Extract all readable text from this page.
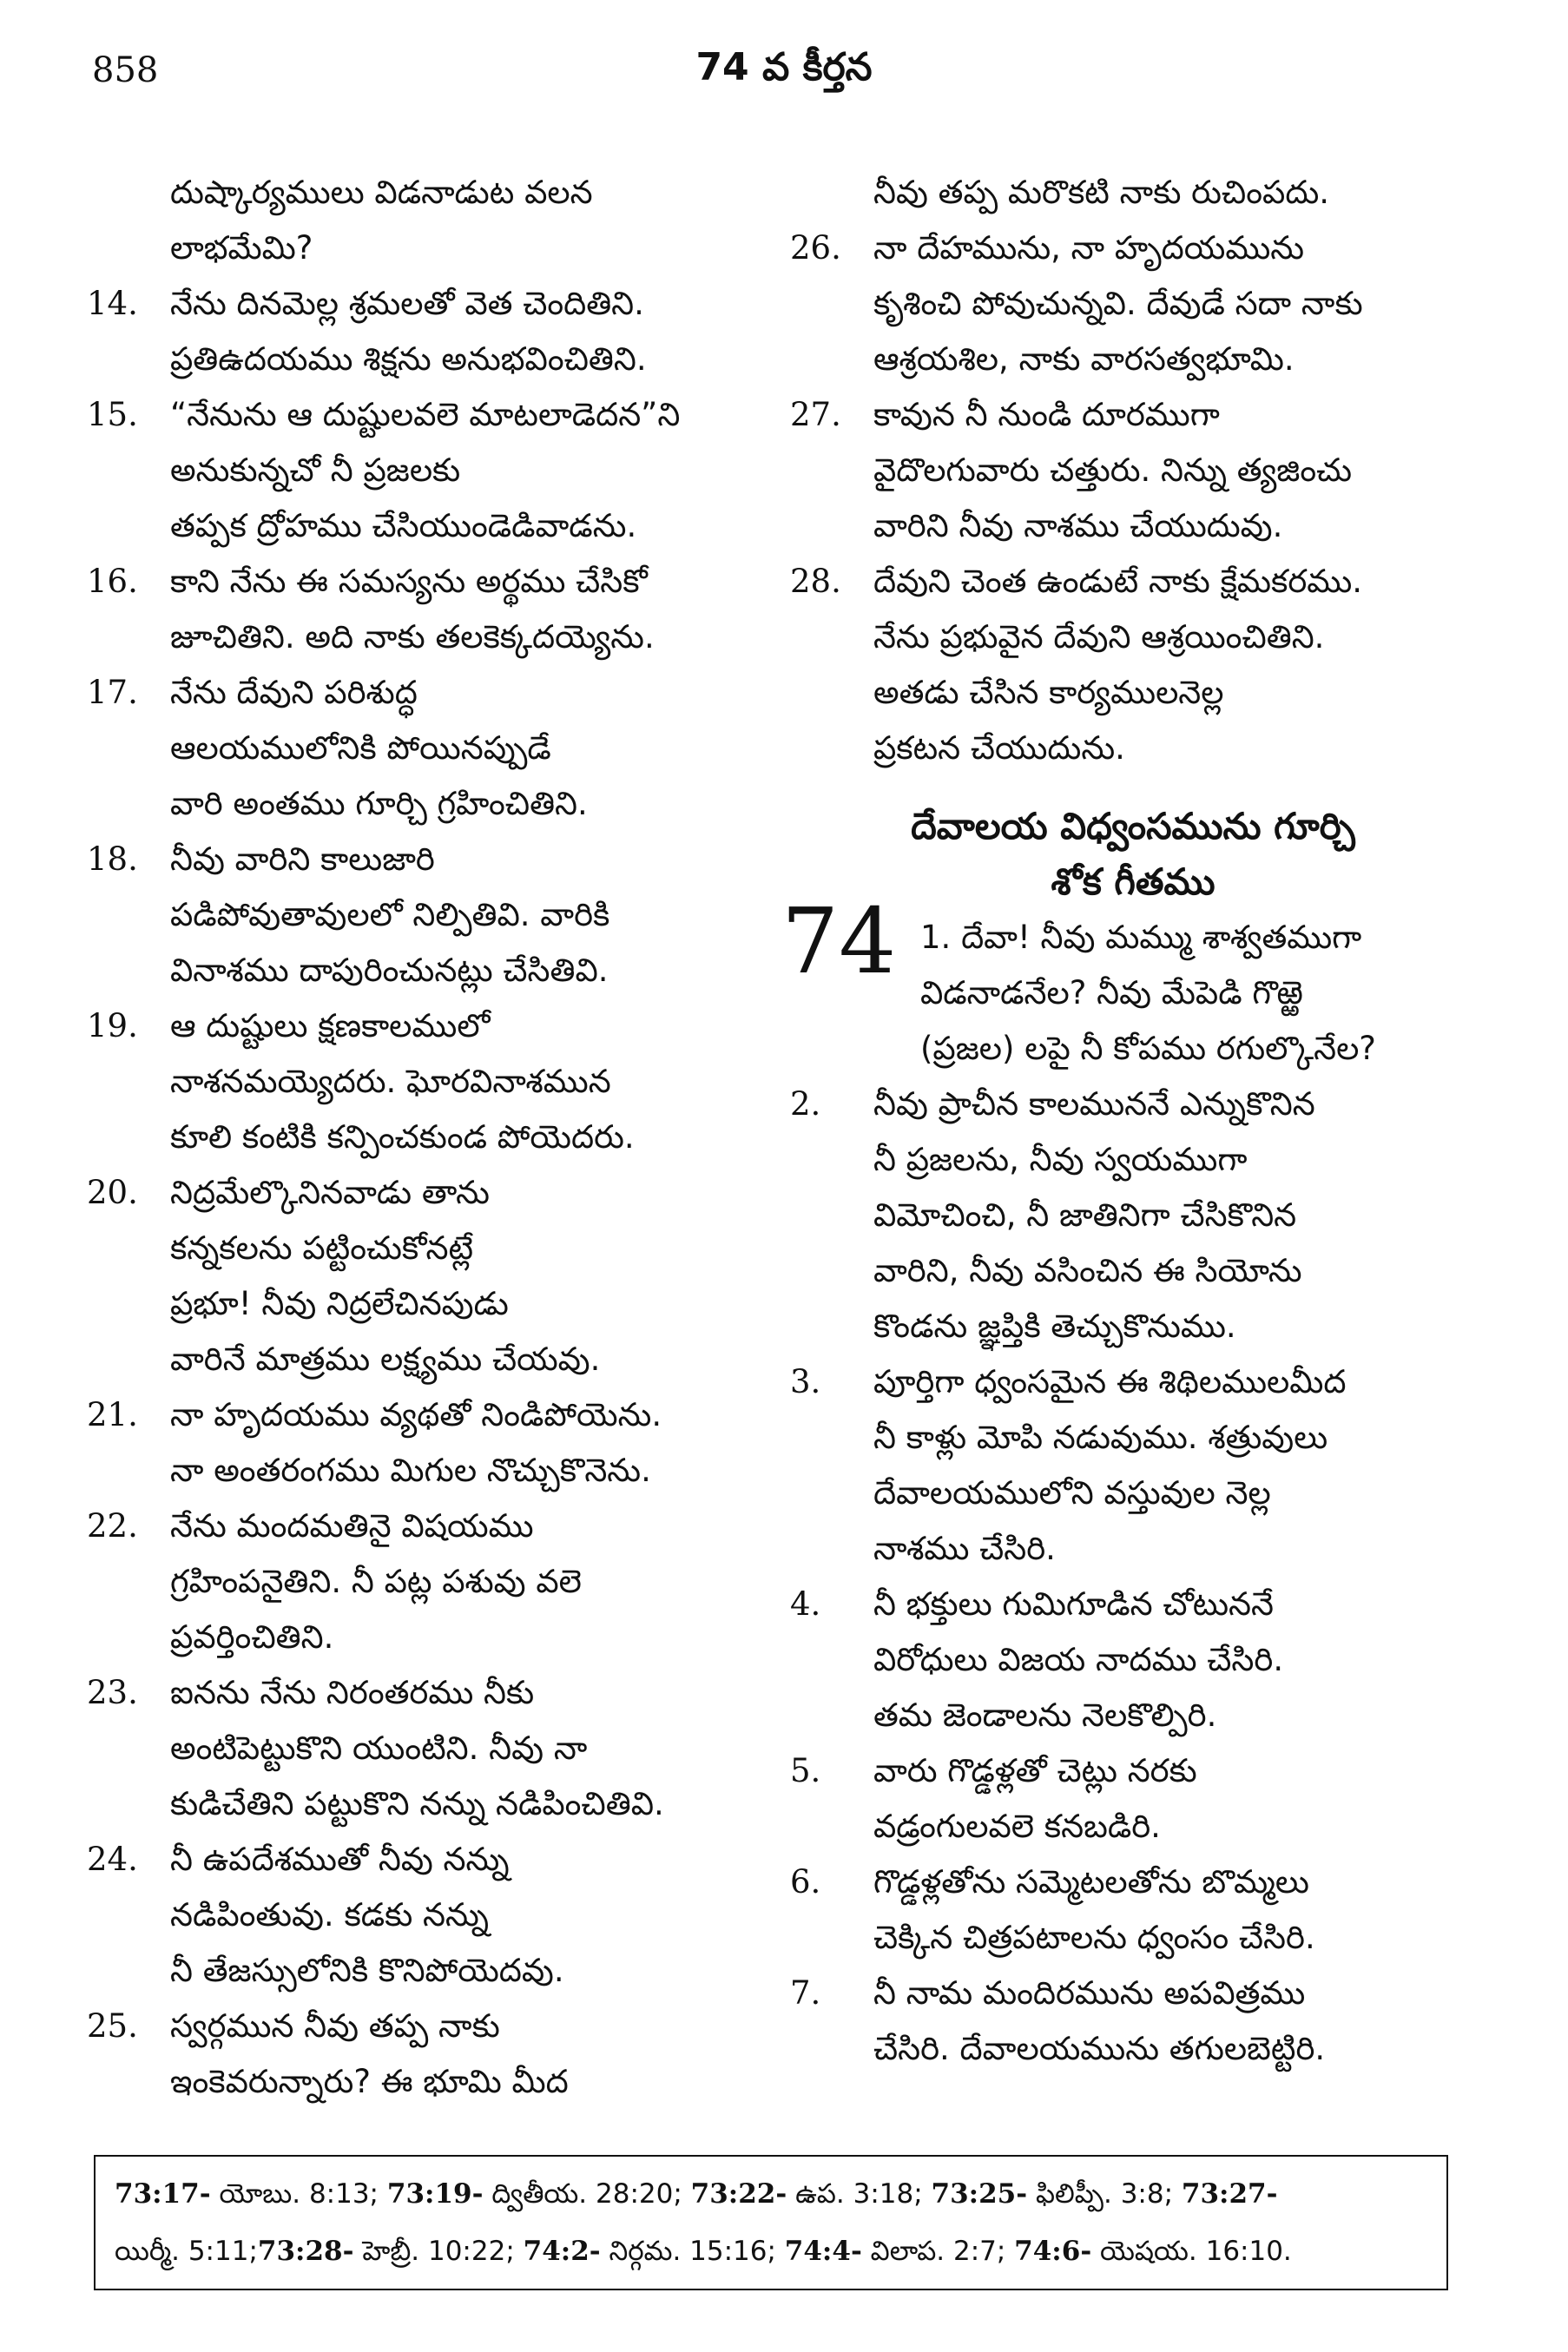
858	74 వ కీర్తన
దుష్కార్యములు విడనాడుట వలన
లాభమేమి?
14. నేను దినమెల్ల శ్రమలతో వెత చెందితిని.
ప్రతిఉదయము శిక్షను అనుభవించితిని.
15. “నేనును ఆ దుష్టులవలె మాటలాడెదన”ని
అనుకున్నచో నీ ప్రజలకు
తప్పక ద్రోహము చేసియుండెడివాడను.
16. కాని నేను ఈ సమస్యను అర్థము చేసికో
జూచితిని. అది నాకు తలకెక్కదయ్యెను.
17. నేను దేవుని పరిశుద్ధ
ఆలయములోనికి పోయినప్పుడే
వారి అంతము గూర్చి గ్రహించితిని.
18. నీవు వారిని కాలుజారి
పడిపోవుతావులలో నిల్పితివి. వారికి
వినాశము దాపురించునట్లు చేసితివి.
19. ఆ దుష్టులు క్షణకాలములో
నాశనమయ్యెదరు. ఘోరవినాశమున
కూలి కంటికి కన్పించకుండ పోయెదరు.
20. నిద్రమేల్కొనినవాడు తాను
కన్నకలను పట్టించుకోనట్లే
ప్రభూ! నీవు నిద్రలేచినపుడు
వారినే మాత్రము లక్ష్యము చేయవు.
21. నా హృదయము వ్యథతో నిండిపోయెను.
నా అంతరంగము మిగుల నొచ్చుకొనెను.
22. నేను మందమతినై విషయము
గ్రహింపనైతిని. నీ పట్ల పశువు వలె
ప్రవర్తించితిని.
23. ఐనను నేను నిరంతరము నీకు
అంటిపెట్టుకొని యుంటిని. నీవు నా
కుడిచేతిని పట్టుకొని నన్ను నడిపించితివి.
24. నీ ఉపదేశముతో నీవు నన్ను
నడిపింతువు. కడకు నన్ను
నీ తేజస్సులోనికి కొనిపోయెదవు.
25. స్వర్గమున నీవు తప్ప నాకు
ఇంకెవరున్నారు? ఈ భూమి మీద
నీవు తప్ప మరొకటి నాకు రుచింపదు.
26. నా దేహమును, నా హృదయమును
కృశించి పోవుచున్నవి. దేవుడే సదా నాకు
ఆశ్రయశిల, నాకు వారసత్వభూమి.
27. కావున నీ నుండి దూరముగా
వైదొలగువారు చత్తురు. నిన్ను త్యజించు
వారిని నీవు నాశము చేయుదువు.
28. దేవుని చెంత ఉండుటే నాకు క్షేమకరము.
నేను ప్రభువైన దేవుని ఆశ్రయించితిని.
అతడు చేసిన కార్యములనెల్ల
ప్రకటన చేయుదును.
దేవాలయ విధ్వంసమును గూర్చి
శోక గీతము
74 1. దేవా! నీవు మమ్ము శాశ్వతముగా
విడనాడనేల? నీవు మేపెడి గొఱ్ఱె
(ప్రజల) లపై నీ కోపము రగుల్కొనేల?
2. నీవు ప్రాచీన కాలముననే ఎన్నుకొనిన
నీ ప్రజలను, నీవు స్వయముగా
విమోచించి, నీ జాతినిగా చేసికొనిన
వారిని, నీవు వసించిన ఈ సియోను
కొండను జ్ఞప్తికి తెచ్చుకొనుము.
3. పూర్తిగా ధ్వంసమైన ఈ శిథిలములమీద
నీ కాళ్లు మోపి నడువుము. శత్రువులు
దేవాలయములోని వస్తువుల నెల్ల
నాశము చేసిరి.
4. నీ భక్తులు గుమిగూడిన చోటుననే
విరోధులు విజయ నాదము చేసిరి.
తమ జెండాలను నెలకొల్పిరి.
5. వారు గొడ్డళ్లతో చెట్లు నరకు
వడ్రంగులవలె కనబడిరి.
6. గొడ్డళ్లతోను సమ్మెటలతోను బొమ్మలు
చెక్కిన చిత్రపటాలను ధ్వంసం చేసిరి.
7. నీ నామ మందిరమును అపవిత్రము
చేసిరి. దేవాలయమును తగులబెట్టిరి.
73:17- యోబు. 8:13; 73:19- ద్వితీయ. 28:20; 73:22- ఉప. 3:18; 73:25- ఫిలిప్పీ. 3:8; 73:27-
యిర్మీ. 5:11;73:28- హెబ్రీ. 10:22; 74:2- నిర్గమ. 15:16; 74:4- విలాప. 2:7; 74:6- యెషయ. 16:10.
